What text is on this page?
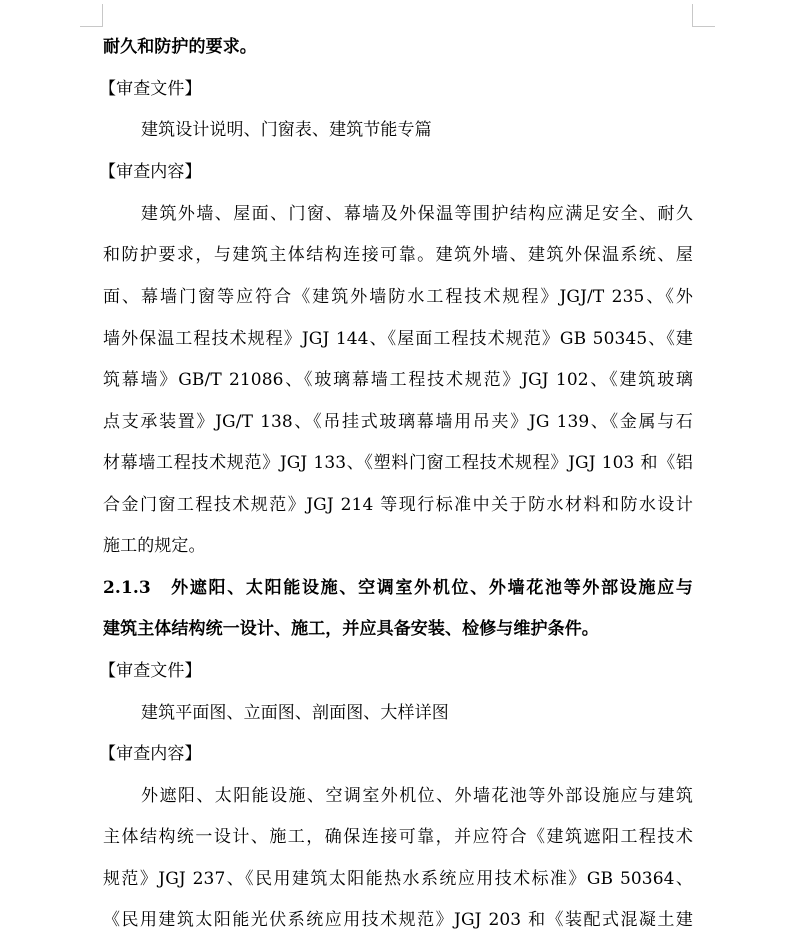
耐久和防护的要求。
【审查文件】
建筑设计说明、门窗表、建筑节能专篇
【审查内容】
建筑外墙、屋面、门窗、幕墙及外保温等围护结构应满足安全、耐久
和防护要求，与建筑主体结构连接可靠。建筑外墙、建筑外保温系统、屋
面、幕墙门窗等应符合《建筑外墙防水工程技术规程》JGJ/T 235、《外
墙外保温工程技术规程》JGJ 144、《屋面工程技术规范》GB 50345、《建
筑幕墙》GB/T 21086、《玻璃幕墙工程技术规范》JGJ 102、《建筑玻璃
点支承装置》JG/T 138、《吊挂式玻璃幕墙用吊夹》JG 139、《金属与石
材幕墙工程技术规范》JGJ 133、《塑料门窗工程技术规程》JGJ 103 和《铝
合金门窗工程技术规范》JGJ 214 等现行标准中关于防水材料和防水设计
施工的规定。
2.1.3　外遮阳、太阳能设施、空调室外机位、外墙花池等外部设施应与
建筑主体结构统一设计、施工，并应具备安装、检修与维护条件。
【审查文件】
建筑平面图、立面图、剖面图、大样详图
【审查内容】
外遮阳、太阳能设施、空调室外机位、外墙花池等外部设施应与建筑
主体结构统一设计、施工，确保连接可靠，并应符合《建筑遮阳工程技术
规范》JGJ 237、《民用建筑太阳能热水系统应用技术标准》GB 50364、
《民用建筑太阳能光伏系统应用技术规范》JGJ 203 和《装配式混凝土建
